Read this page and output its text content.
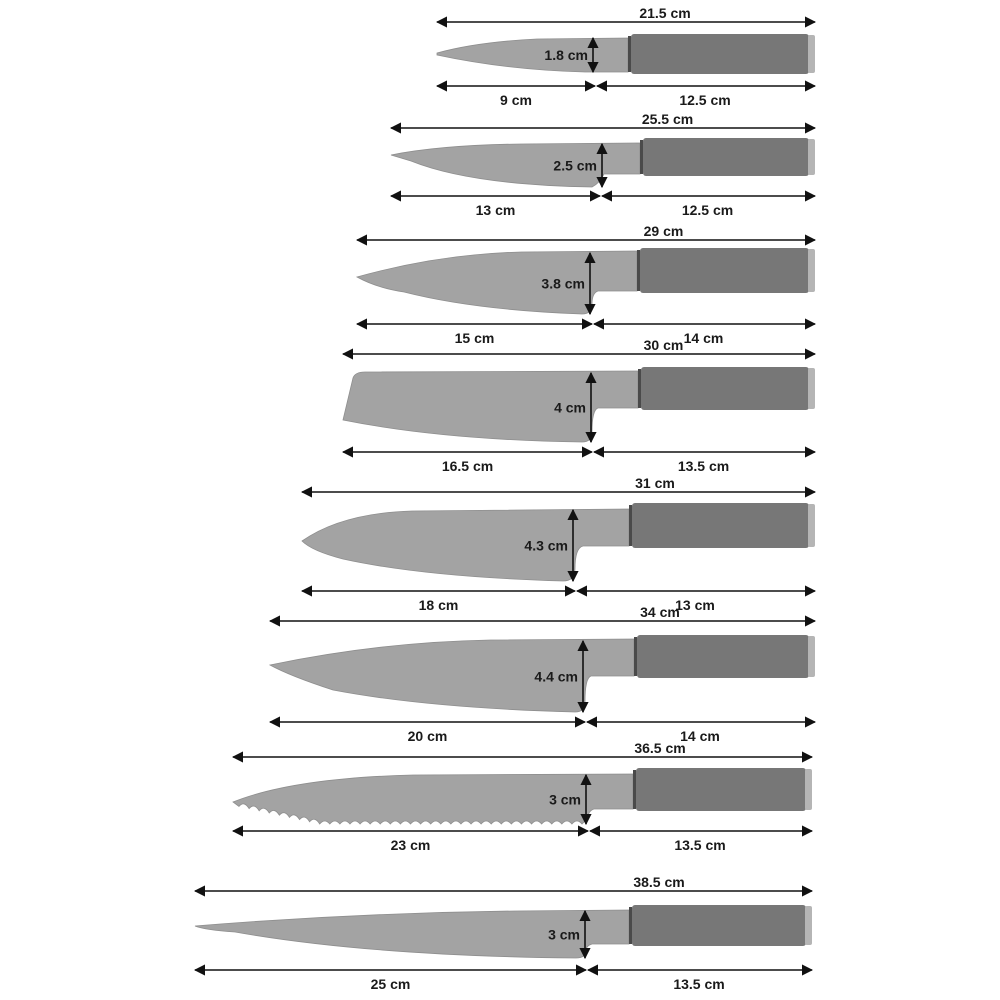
21.5 cm
9 cm	12.5 cm
1.8 cm
25.5 cm
13 cm	12.5 cm
2.5 cm
29 cm
15 cm	14 cm
3.8 cm
30 cm
16.5 cm	13.5 cm
4 cm
31 cm
18 cm	13 cm
4.3 cm
34 cm
20 cm	14 cm
4.4 cm
36.5 cm
23 cm	13.5 cm
3 cm
38.5 cm
25 cm	13.5 cm
3 cm
